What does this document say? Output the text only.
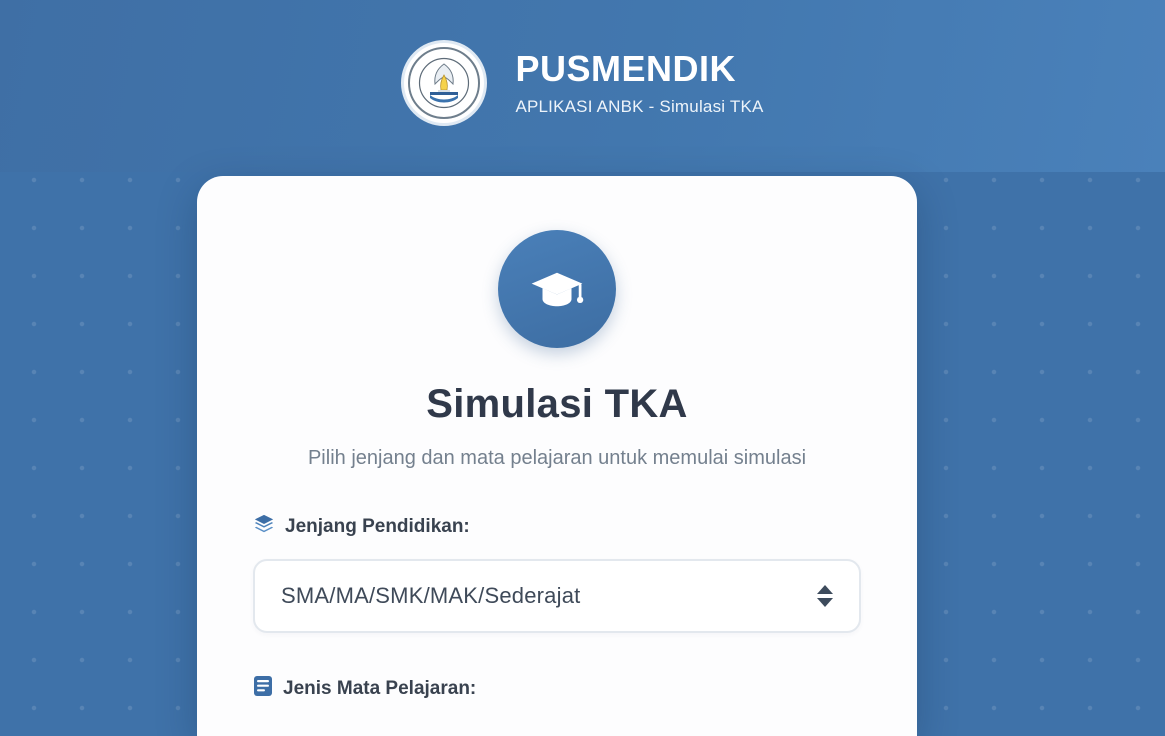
PUSMENDIK
APLIKASI ANBK - Simulasi TKA
Simulasi TKA
Pilih jenjang dan mata pelajaran untuk memulai simulasi
Jenjang Pendidikan:
SMA/MA/SMK/MAK/Sederajat
Jenis Mata Pelajaran:
